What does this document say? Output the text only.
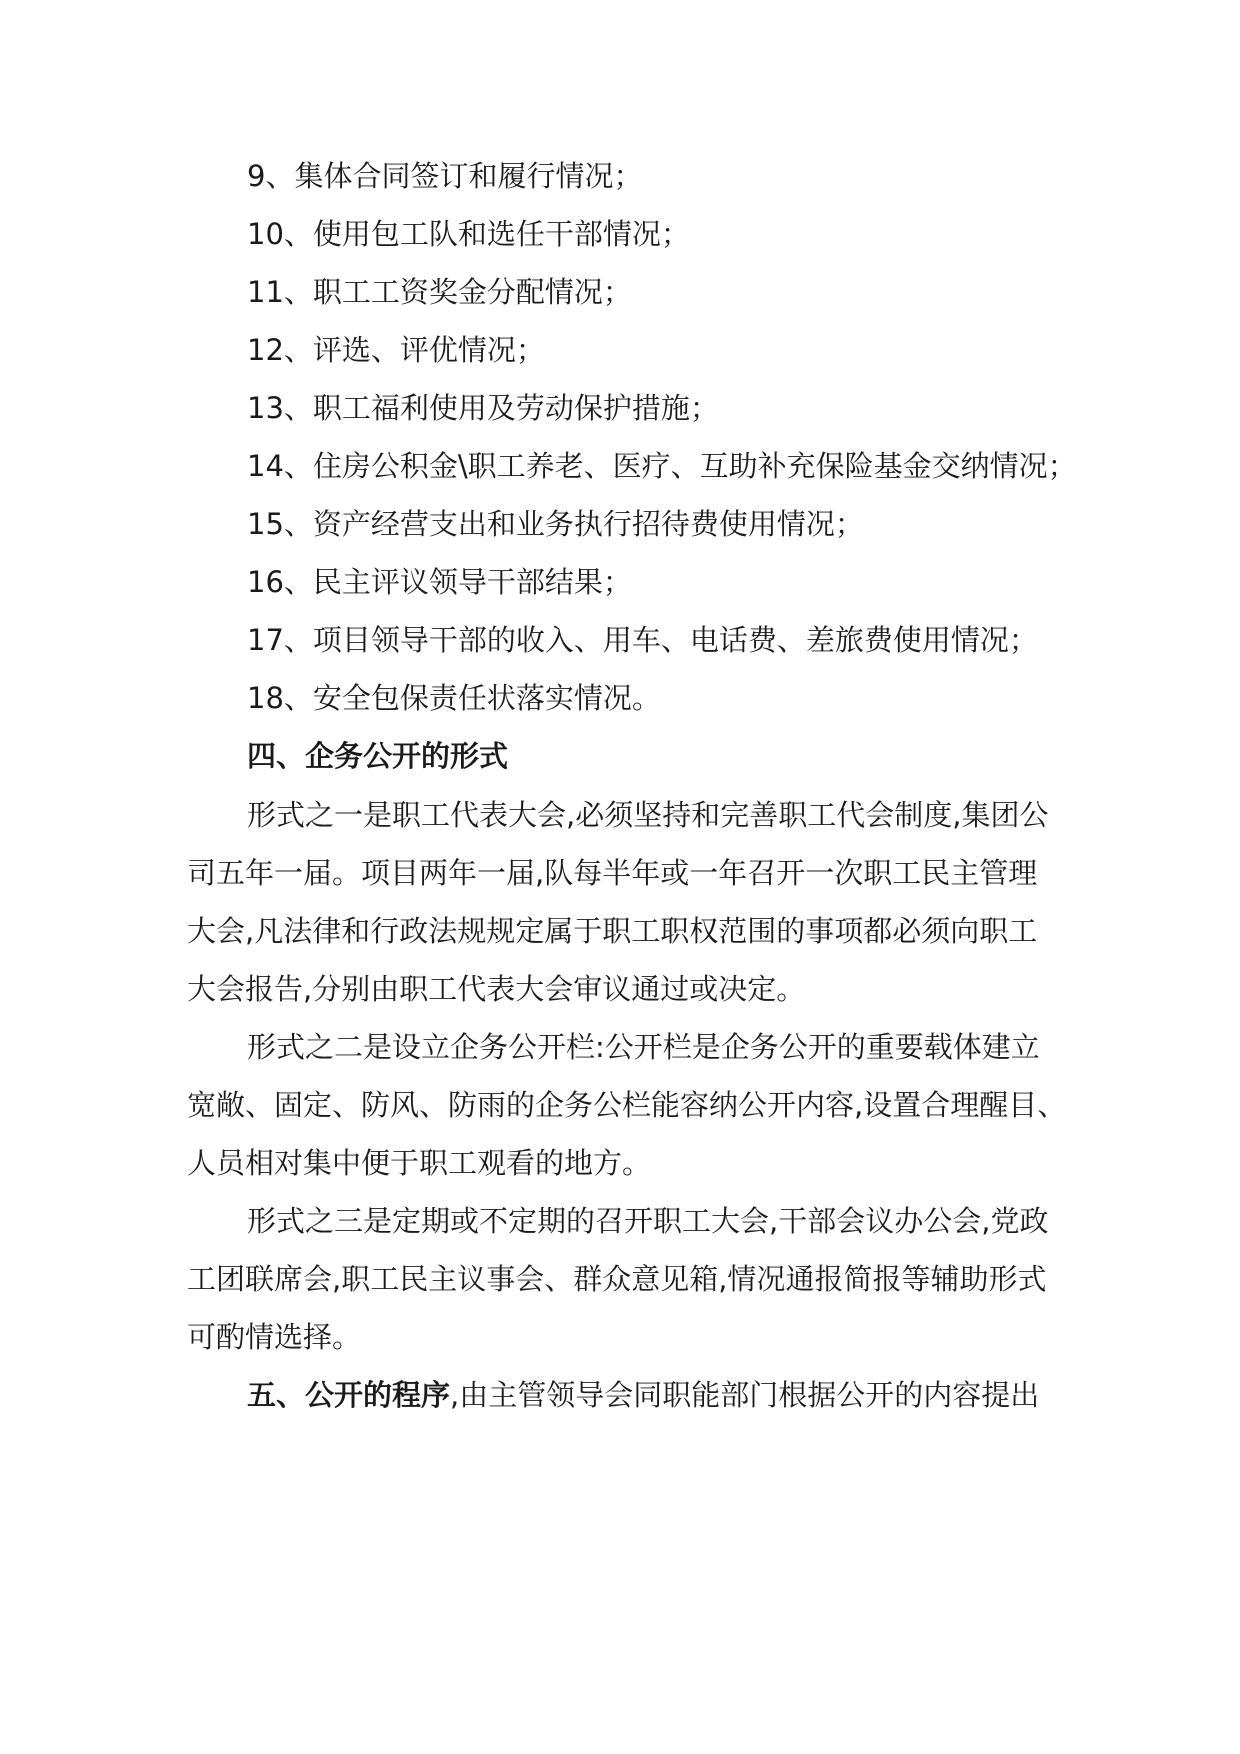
9、集体合同签订和履行情况；
10、使用包工队和选任干部情况；
11、职工工资奖金分配情况；
12、评选、评优情况；
13、职工福利使用及劳动保护措施；
14、住房公积金\职工养老、医疗、互助补充保险基金交纳情况；
15、资产经营支出和业务执行招待费使用情况；
16、民主评议领导干部结果；
17、项目领导干部的收入、用车、电话费、差旅费使用情况；
18、安全包保责任状落实情况。
四、企务公开的形式
形式之一是职工代表大会,必须坚持和完善职工代会制度,集团公
司五年一届。项目两年一届,队每半年或一年召开一次职工民主管理
大会,凡法律和行政法规规定属于职工职权范围的事项都必须向职工
大会报告,分别由职工代表大会审议通过或决定。
形式之二是设立企务公开栏:公开栏是企务公开的重要载体建立
宽敞、固定、防风、防雨的企务公栏能容纳公开内容,设置合理醒目、
人员相对集中便于职工观看的地方。
形式之三是定期或不定期的召开职工大会,干部会议办公会,党政
工团联席会,职工民主议事会、群众意见箱,情况通报简报等辅助形式
可酌情选择。
五、公开的程序,由主管领导会同职能部门根据公开的内容提出
